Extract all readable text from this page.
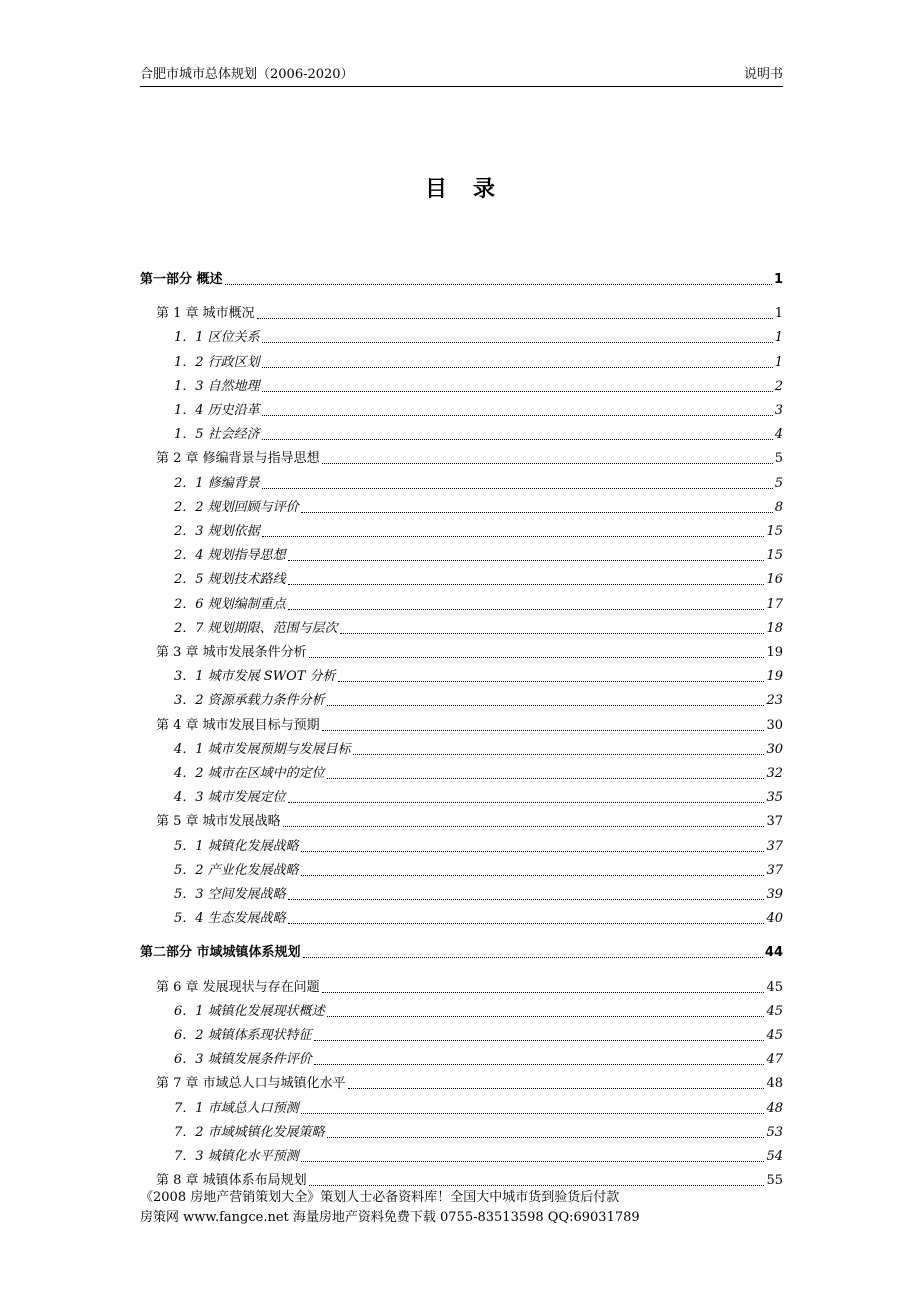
合肥市城市总体规划（2006-2020）	说明书
目录
第一部分 概述	1
第 1 章 城市概况	1
1．1 区位关系	1
1．2 行政区划	1
1．3 自然地理	2
1．4 历史沿革	3
1．5 社会经济	4
第 2 章 修编背景与指导思想	5
2．1 修编背景	5
2．2 规划回顾与评价	8
2．3 规划依据	15
2．4 规划指导思想	15
2．5 规划技术路线	16
2．6 规划编制重点	17
2．7 规划期限、范围与层次	18
第 3 章 城市发展条件分析	19
3．1 城市发展 SWOT 分析	19
3．2 资源承载力条件分析	23
第 4 章 城市发展目标与预期	30
4．1 城市发展预期与发展目标	30
4．2 城市在区域中的定位	32
4．3 城市发展定位	35
第 5 章 城市发展战略	37
5．1 城镇化发展战略	37
5．2 产业化发展战略	37
5．3 空间发展战略	39
5．4 生态发展战略	40
第二部分 市域城镇体系规划	44
第 6 章 发展现状与存在问题	45
6．1 城镇化发展现状概述	45
6．2 城镇体系现状特征	45
6．3 城镇发展条件评价	47
第 7 章 市域总人口与城镇化水平	48
7．1 市域总人口预测	48
7．2 市域城镇化发展策略	53
7．3 城镇化水平预测	54
第 8 章 城镇体系布局规划	55
《2008 房地产营销策划大全》策划人士必备资料库！全国大中城市货到验货后付款
房策网 www.fangce.net 海量房地产资料免费下载 0755-83513598 QQ:69031789
